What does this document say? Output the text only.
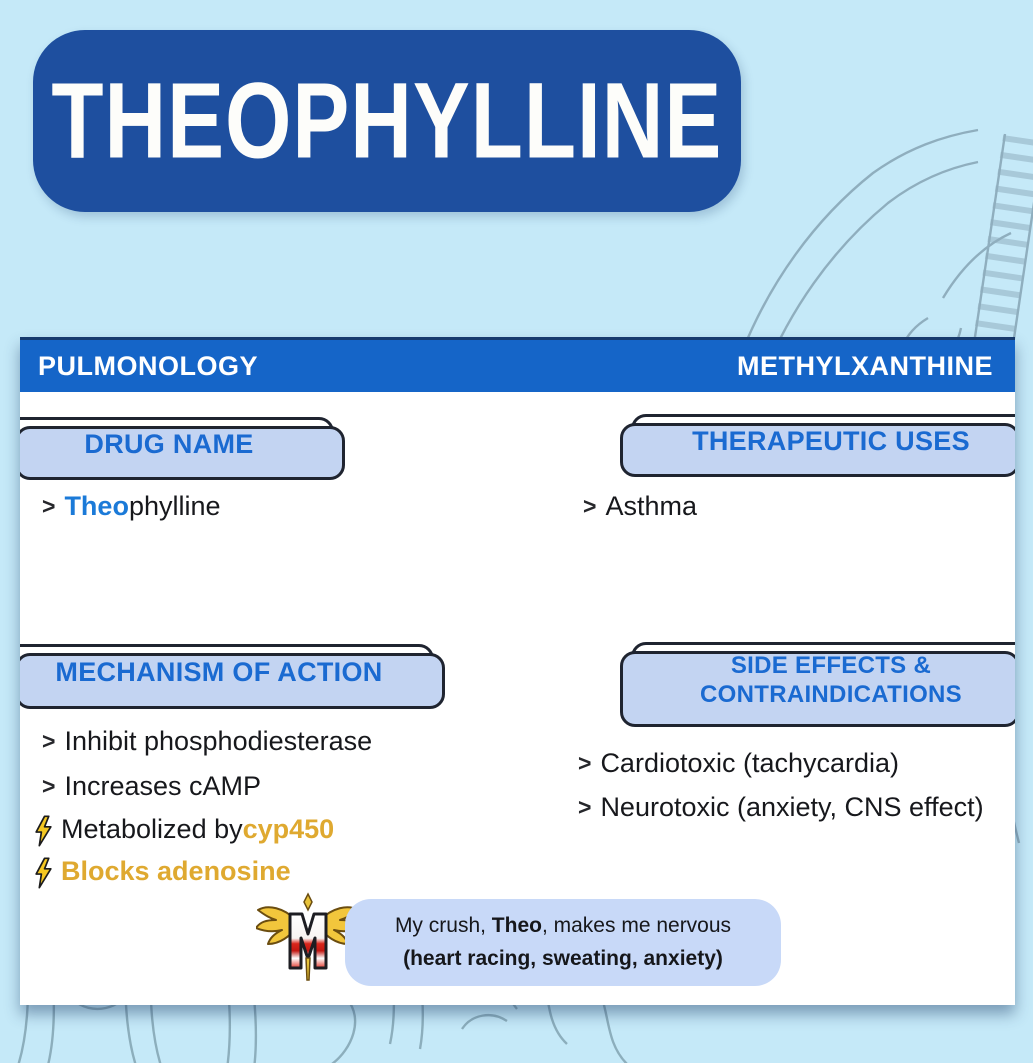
THEOPHYLLINE
PULMONOLOGY	METHYLXANTHINE
DRUG NAME
> Theophylline
THERAPEUTIC USES
> Asthma
MECHANISM OF ACTION
> Inhibit phosphodiesterase
> Increases cAMP
Metabolized by cyp450
Blocks adenosine
SIDE EFFECTS &
CONTRAINDICATIONS
> Cardiotoxic (tachycardia)
> Neurotoxic (anxiety, CNS effect)
My crush, Theo, makes me nervous (heart racing, sweating, anxiety)
